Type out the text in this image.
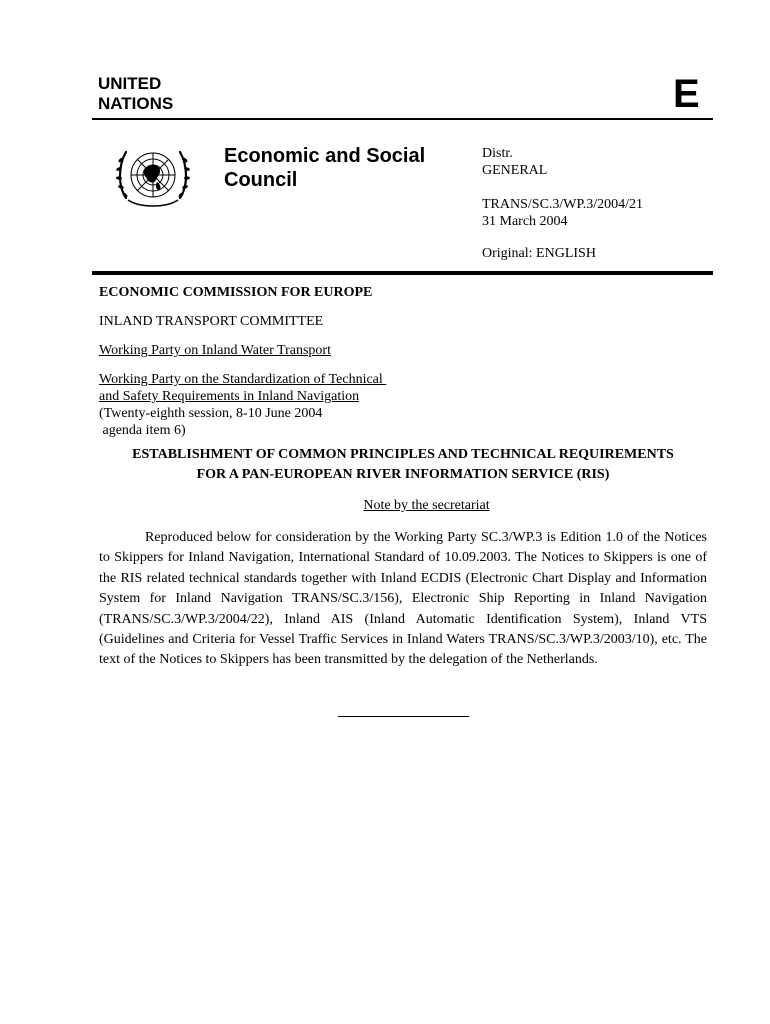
UNITED
NATIONS	E
Economic and Social
Council
Distr.
GENERAL
TRANS/SC.3/WP.3/2004/21
31 March 2004
Original: ENGLISH
ECONOMIC COMMISSION FOR EUROPE
INLAND TRANSPORT COMMITTEE
Working Party on Inland Water Transport
Working Party on the Standardization of Technical
and Safety Requirements in Inland Navigation
(Twenty-eighth session, 8-10 June 2004
agenda item 6)
ESTABLISHMENT OF COMMON PRINCIPLES AND TECHNICAL REQUIREMENTS
FOR A PAN-EUROPEAN RIVER INFORMATION SERVICE (RIS)
Note by the secretariat

Reproduced below for consideration by the Working Party SC.3/WP.3 is Edition 1.0 of the Notices to Skippers for Inland Navigation, International Standard of 10.09.2003. The Notices to Skippers is one of the RIS related technical standards together with Inland ECDIS (Electronic Chart Display and Information System for Inland Navigation TRANS/SC.3/156), Electronic Ship Reporting in Inland Navigation (TRANS/SC.3/WP.3/2004/22), Inland AIS (Inland Automatic Identification System), Inland VTS (Guidelines and Criteria for Vessel Traffic Services in Inland Waters TRANS/SC.3/WP.3/2003/10), etc. The text of the Notices to Skippers has been transmitted by the delegation of the Netherlands.
